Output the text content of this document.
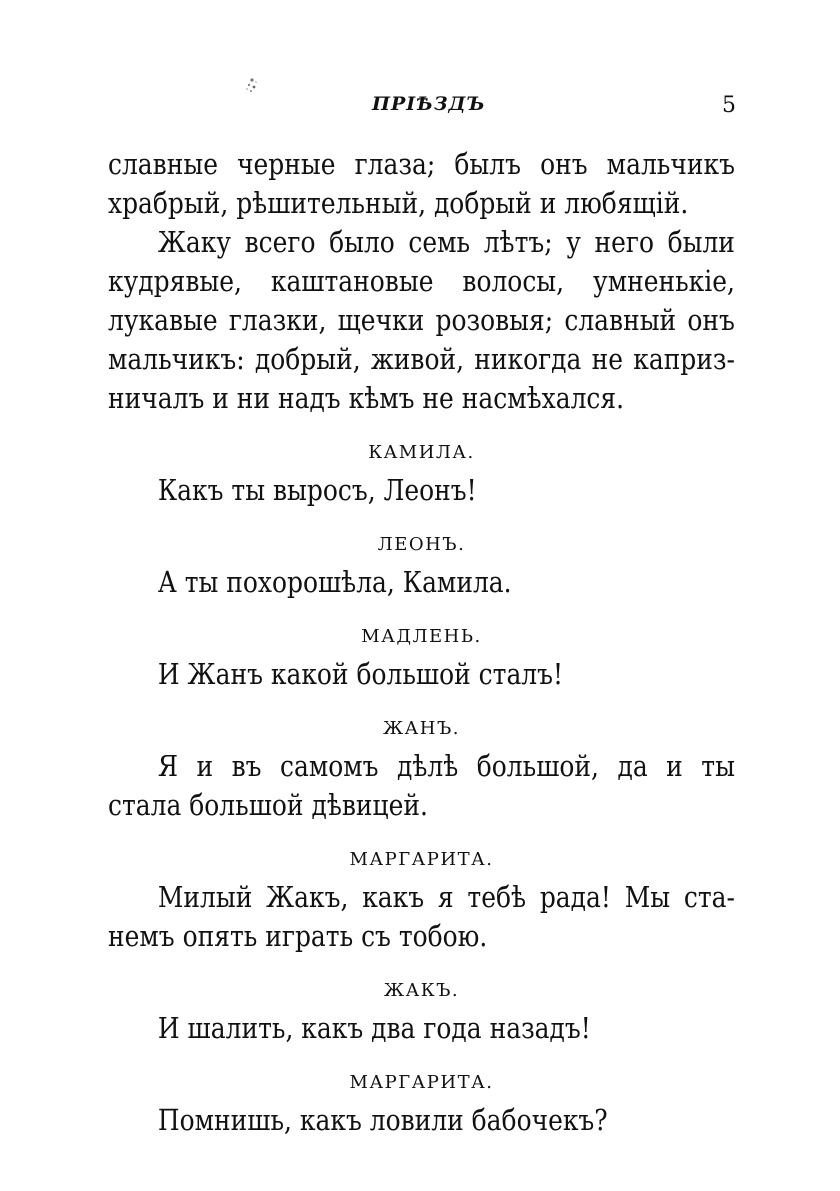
ПРІѢЗДЪ	5
славные черные глаза; былъ онъ мальчикъ
храбрый, рѣшительный, добрый и любящій.
Жаку всего было семь лѣтъ; у него были
кудрявые, каштановые волосы, умненькіе,
лукавые глазки, щечки розовыя; славный онъ
мальчикъ: добрый, живой, никогда не каприз-
ничалъ и ни надъ кѣмъ не насмѣхался.

КАМИЛА.

Какъ ты выросъ, Леонъ!

ЛЕОНЪ.

А ты похорошѣла, Камила.

МАДЛЕНЬ.

И Жанъ какой большой сталъ!

ЖАНЪ.

Я и въ самомъ дѣлѣ большой, да и ты
стала большой дѣвицей.

МАРГАРИТА.

Милый Жакъ, какъ я тебѣ рада! Мы ста-
немъ опять играть съ тобою.

ЖАКЪ.

И шалить, какъ два года назадъ!

МАРГАРИТА.

Помнишь, какъ ловили бабочекъ?
